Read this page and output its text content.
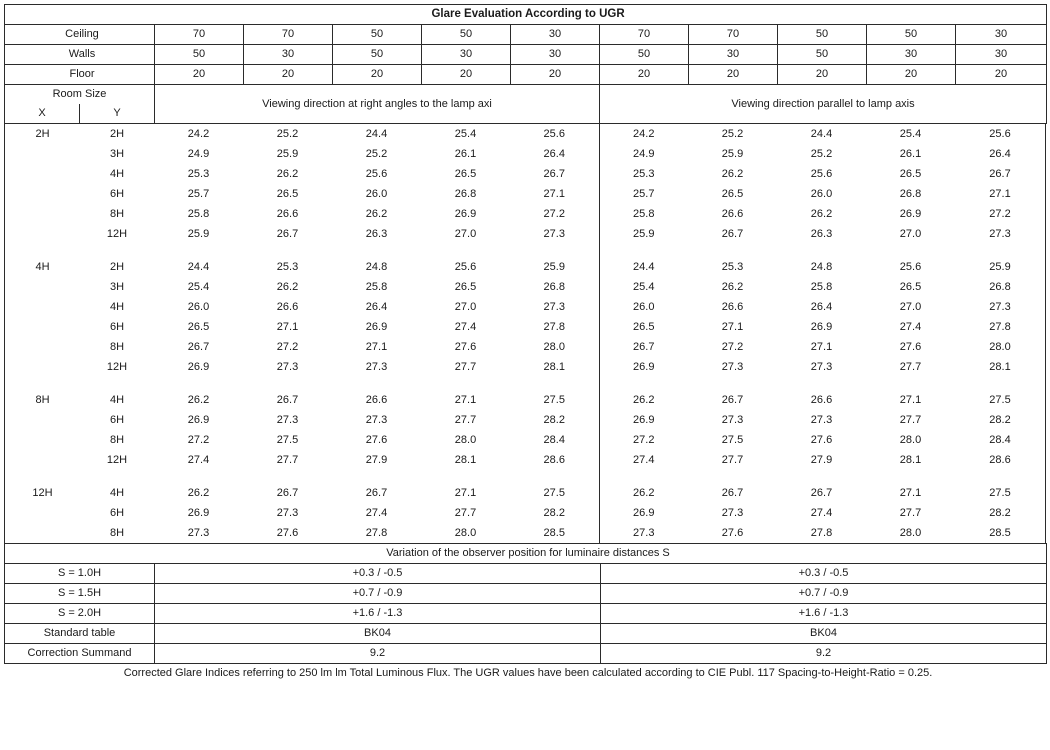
Glare Evaluation According to UGR											
Ceiling		70	70	50	50	30	70	70	50	50	30
Walls		50	30	50	30	30	50	30	50	30	30
Floor		20	20	20	20	20	20	20	20	20	20
Room Size		Viewing direction at right angles to the lamp axi					Viewing direction parallel to lamp axis				
X	Y										
2H	2H	24.2	25.2	24.4	25.4	25.6	24.2	25.2	24.4	25.4	25.6
	3H	24.9	25.9	25.2	26.1	26.4	24.9	25.9	25.2	26.1	26.4
	4H	25.3	26.2	25.6	26.5	26.7	25.3	26.2	25.6	26.5	26.7
	6H	25.7	26.5	26.0	26.8	27.1	25.7	26.5	26.0	26.8	27.1
	8H	25.8	26.6	26.2	26.9	27.2	25.8	26.6	26.2	26.9	27.2
	12H	25.9	26.7	26.3	27.0	27.3	25.9	26.7	26.3	27.0	27.3

4H	2H	24.4	25.3	24.8	25.6	25.9	24.4	25.3	24.8	25.6	25.9
	3H	25.4	26.2	25.8	26.5	26.8	25.4	26.2	25.8	26.5	26.8
	4H	26.0	26.6	26.4	27.0	27.3	26.0	26.6	26.4	27.0	27.3
	6H	26.5	27.1	26.9	27.4	27.8	26.5	27.1	26.9	27.4	27.8
	8H	26.7	27.2	27.1	27.6	28.0	26.7	27.2	27.1	27.6	28.0
	12H	26.9	27.3	27.3	27.7	28.1	26.9	27.3	27.3	27.7	28.1

8H	4H	26.2	26.7	26.6	27.1	27.5	26.2	26.7	26.6	27.1	27.5
	6H	26.9	27.3	27.3	27.7	28.2	26.9	27.3	27.3	27.7	28.2
	8H	27.2	27.5	27.6	28.0	28.4	27.2	27.5	27.6	28.0	28.4
	12H	27.4	27.7	27.9	28.1	28.6	27.4	27.7	27.9	28.1	28.6

12H	4H	26.2	26.7	26.7	27.1	27.5	26.2	26.7	26.7	27.1	27.5
	6H	26.9	27.3	27.4	27.7	28.2	26.9	27.3	27.4	27.7	28.2
	8H	27.3	27.6	27.8	28.0	28.5	27.3	27.6	27.8	28.0	28.5
Variation of the observer position for luminaire distances S		
S = 1.0H	+0.3 / -0.5	+0.3 / -0.5
S = 1.5H	+0.7 / -0.9	+0.7 / -0.9
S = 2.0H	+1.6 / -1.3	+1.6 / -1.3
Standard table	BK04	BK04
Correction Summand	9.2	9.2
Corrected Glare Indices referring to 250 lm lm Total Luminous Flux. The UGR values have been calculated according to CIE Publ. 117 Spacing-to-Height-Ratio = 0.25.		
